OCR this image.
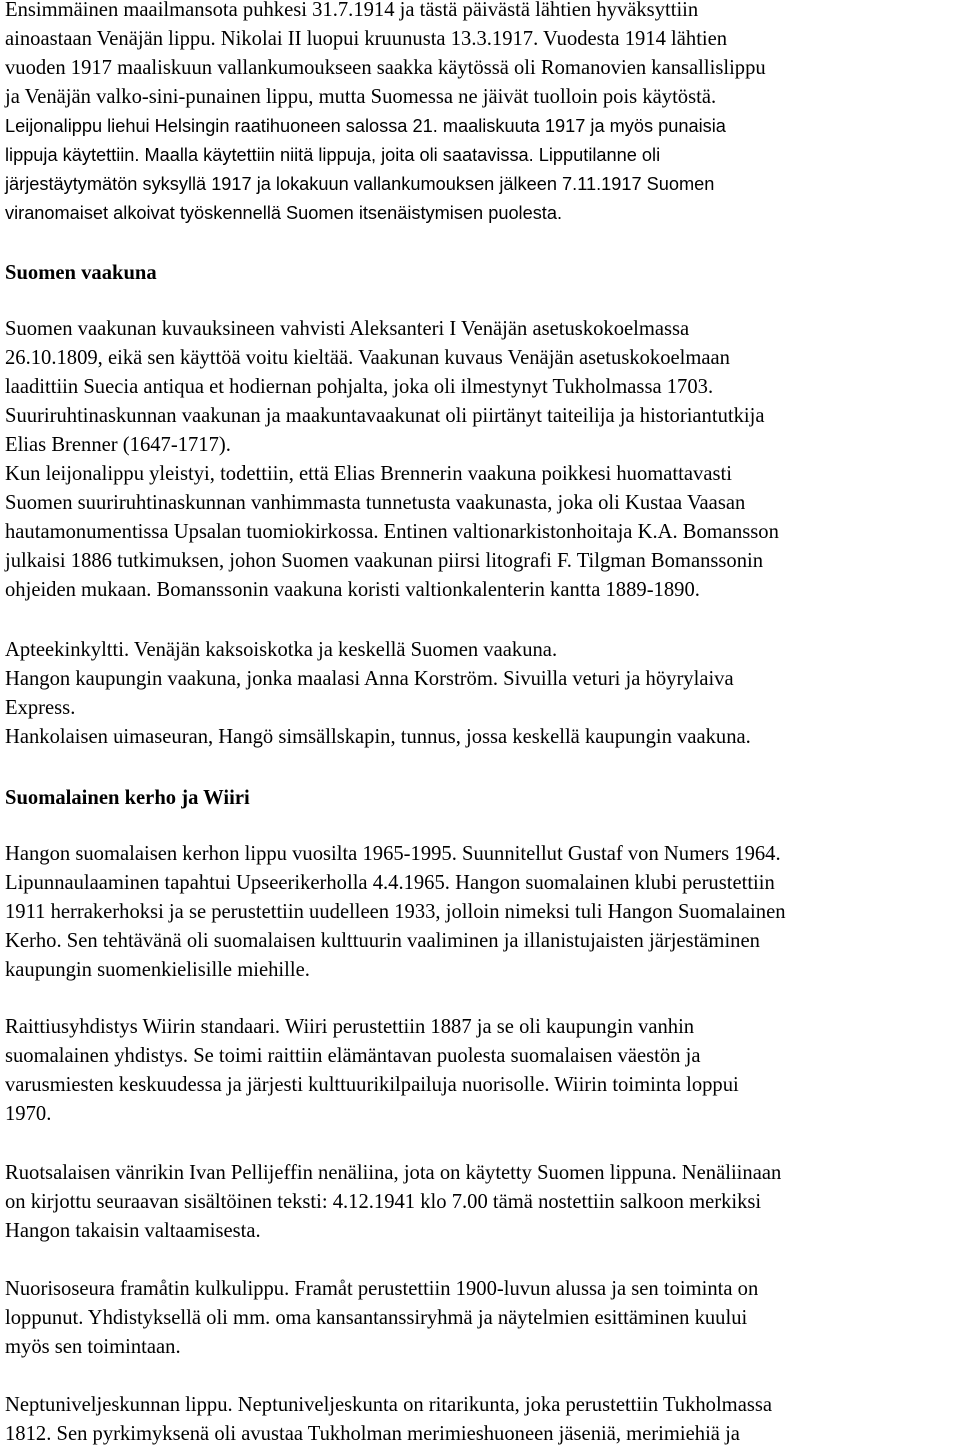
Ensimmäinen maailmansota puhkesi 31.7.1914 ja tästä päivästä lähtien hyväksyttiin
ainoastaan Venäjän lippu. Nikolai II luopui kruunusta 13.3.1917. Vuodesta 1914 lähtien
vuoden 1917 maaliskuun vallankumoukseen saakka käytössä oli Romanovien kansallislippu
ja Venäjän valko-sini-punainen lippu, mutta Suomessa ne jäivät tuolloin pois käytöstä.
Leijonalippu liehui Helsingin raatihuoneen salossa 21. maaliskuuta 1917 ja myös punaisia
lippuja käytettiin. Maalla käytettiin niitä lippuja, joita oli saatavissa. Lipputilanne oli
järjestäytymätön syksyllä 1917 ja lokakuun vallankumouksen jälkeen 7.11.1917 Suomen
viranomaiset alkoivat työskennellä Suomen itsenäistymisen puolesta.
Suomen vaakuna
Suomen vaakunan kuvauksineen vahvisti Aleksanteri I Venäjän asetuskokoelmassa
26.10.1809, eikä sen käyttöä voitu kieltää. Vaakunan kuvaus Venäjän asetuskokoelmaan
laadittiin Suecia antiqua et hodiernan pohjalta, joka oli ilmestynyt Tukholmassa 1703.
Suuriruhtinaskunnan vaakunan ja maakuntavaakunat oli piirtänyt taiteilija ja historiantutkija
Elias Brenner (1647-1717).
Kun leijonalippu yleistyi, todettiin, että Elias Brennerin vaakuna poikkesi huomattavasti
Suomen suuriruhtinaskunnan vanhimmasta tunnetusta vaakunasta, joka oli Kustaa Vaasan
hautamonumentissa Upsalan tuomiokirkossa. Entinen valtionarkistonhoitaja K.A. Bomansson
julkaisi 1886 tutkimuksen, johon Suomen vaakunan piirsi litografi F. Tilgman Bomanssonin
ohjeiden mukaan. Bomanssonin vaakuna koristi valtionkalenterin kantta 1889-1890.
Apteekinkyltti. Venäjän kaksoiskotka ja keskellä Suomen vaakuna.
Hangon kaupungin vaakuna, jonka maalasi Anna Korström. Sivuilla veturi ja höyrylaiva
Express.
Hankolaisen uimaseuran, Hangö simsällskapin, tunnus, jossa keskellä kaupungin vaakuna.
Suomalainen kerho ja Wiiri
Hangon suomalaisen kerhon lippu vuosilta 1965-1995. Suunnitellut Gustaf von Numers 1964.
Lipunnaulaaminen tapahtui Upseerikerholla 4.4.1965. Hangon suomalainen klubi perustettiin
1911 herrakerhoksi ja se perustettiin uudelleen 1933, jolloin nimeksi tuli Hangon Suomalainen
Kerho. Sen tehtävänä oli suomalaisen kulttuurin vaaliminen ja illanistujaisten järjestäminen
kaupungin suomenkielisille miehille.
Raittiusyhdistys Wiirin standaari. Wiiri perustettiin 1887 ja se oli kaupungin vanhin
suomalainen yhdistys. Se toimi raittiin elämäntavan puolesta suomalaisen väestön ja
varusmiesten keskuudessa ja järjesti kulttuurikilpailuja nuorisolle. Wiirin toiminta loppui
1970.
Ruotsalaisen vänrikin Ivan Pellijeffin nenäliina, jota on käytetty Suomen lippuna. Nenäliinaan
on kirjottu seuraavan sisältöinen teksti: 4.12.1941 klo 7.00 tämä nostettiin salkoon merkiksi
Hangon takaisin valtaamisesta.
Nuorisoseura framåtin kulkulippu. Framåt perustettiin 1900-luvun alussa ja sen toiminta on
loppunut. Yhdistyksellä oli mm. oma kansantanssiryhmä ja näytelmien esittäminen kuului
myös sen toimintaan.
Neptuniveljeskunnan lippu. Neptuniveljeskunta on ritarikunta, joka perustettiin Tukholmassa
1812. Sen pyrkimyksenä oli avustaa Tukholman merimieshuoneen jäseniä, merimiehiä ja
